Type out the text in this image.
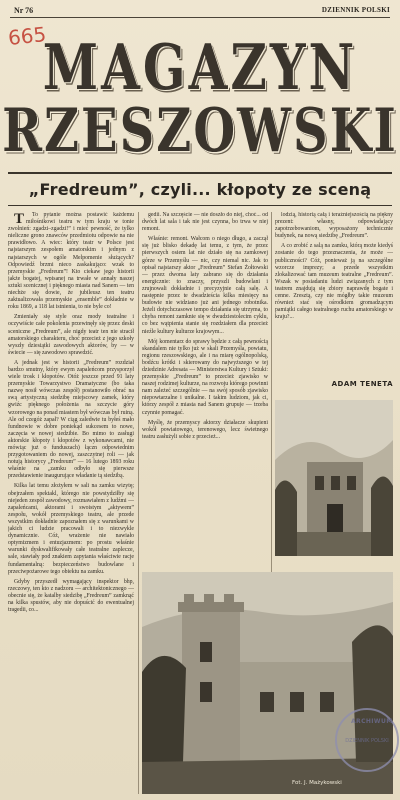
Nr 76	DZIENNIK POLSKI
665
MAGAZYN
RZESZOWSKI
„Fredreum”, czyli... kłopoty ze sceną

T To pytanie można postawić każdemu miłośnikowi teatru w tym kraju w tonie zwolnień: zgadzi–zgadzi!” i mieć pewność, że tylko nieliczne grono znawców przedmiotu odpowie na nie prawidłowo. A wiec: który teatr w Polsce jest najstarszym zespołem amatorskim i jednym z najstarszych w ogóle Melpomenie służących? Odpowiedź brzmi nieco zaskakująco: wzak to przemyskie „Fredreum”! Kto ciekaw jego historii jakże bogatej, wpisanej na trwałe w annały naszej sztuki scenicznej i pięknego miasta nad Sanem — ten niechże się dowie, że jubileusz ten teatru zaktualizowała przemyskie „ensemble” dokładnie w roku 1869, a 118 lat istnienia, to nie byle co!

Zmieniały się style oraz mody teatralne i oczywiście całe pokolenia przewinęły się przez deski sceniczne „Fredreum”, ale nigdy teatr ten nie stracił amatorskiego charakteru, choć przecież z jego szkoły wyszły dziesiątki zawodowych aktorów, by — w świecie — się zawodowo sprawdzić.

A jednak jest w historii „Fredreum” rozdział bardzo smutny, który ewym zapaleńcom przysporzył wiele trosk i kłopotów. Otóż jeszcze przed 91 laty przemyskie Towarzystwo Dramatyczne (bo taka nazwę nosił wówczas zespół) postanowiło obrać na swą artystyczną siedzibę miejscowy zamek, który gwiźc pięknego położenia na szczycie góry wzorowego na ponad miastem był wówczas był ruiną. Ale od czegóż zapał? W ciąg zaledwie tu byłeś mało fundnowie w dobre poniekąd sukcesem to nowe, zaczęcia w nowej siedzibie. Bo mimo to zasługi aktorskie kłopoty i kłopotów z wykonawcami, nie mówiąc już o funduszach) łączn odpowiednim przygotowaniem do nowej, zaszczytnej roli — jak notują historycy „Fredreum” — 16 lutego 1893 roku właśnie na „zamku odbyło się pierwsze przedstawienie inaugurujące władanie tą siedzibą.

Kilka lat temu złożyłem w sali na zamku wizytę; obejrzałem spektakl, którego nie powstydziłby się niejeden zespół zawodowy, rozmawiałem z ludźmi — zapaleńcami, aktorami i swoistym „aktywem” zespołu, wokół przemyskiego teatru, ale przede wszystkim dokładnie zapoznałem się z warunkami w jakich ci ludzie pracowali i to niezwykle dynamicznie. Cóż, wrażenie nie nawiało optymizmem i entuzjazmem: po prostu właśnie warunki dyskwalifikowały całe teatralne zaplecze, sale, stawiały pod znakiem zapytania właściwie racje fundamentalną: bezpieczeństwo budowlane i przeciwpożarowe tego obiektu na zamku.

Gdyby przyszedł wymagający inspektor bhp, rzeczowy, ten kto z nadzoru — architektonicznego — obecnie się, że katalby siedzibę „Fredreum” zamknąć na kilka spustów, aby nie dopuścić do ewentualnej tragedii, co...

gedii. Na szczęście — nie doszło do niej, choć... od dwóch lat sala i tak nie jest czynna, bo trwa w niej remont.

Właśnie: remont. Wałcom o niego długo, a zaczął się już blisko dekadę lat temu, z tym, że przez pierwszych osiem lat nie działo się na zamkowej górze w Przemyślu — nic, czy niemal nic. Jak to opisał najstarszy aktor „Fredreum” Stefan Żołtowski — przez dwoma laty zabrano się do działania energicznie: to znaczy, przyszli budowlani i zrujnowali dokładnie i precyzyjnie całą salę. A następnie przez te dwadzieścia kilka miesięcy na budowie nie widziano już ani jednego robotnika. Jeżeli dotychczasowe tempo działania się utrzyma, to chyba remont zamknie się w dwudziestolecim cyklu, co bez wątpienia stanie się rozdziałem dla przecież nieźle kultury kulturze krajowym...

Mój komentarz do sprawy będzie z całą pewnością skandalem nie tylko już w skali Przemyśla, powiatu, regionu rzeszowskiego, ale i na miarę ogólnopolską, bodźcu krótki i skierowany do najwyższego w tej dziedzinie Adresata — Ministerstwa Kultury i Sztuki: przemyskie „Fredreum” to przecież zjawisko w naszej rodzimej kulturze, na rozwoju którego powinni nam zależeć szczególnie — na swój sposób zjawisko niepowtarzalne i unikalne. I takim ludziom, jak ci, którzy zespół z miasta nad Sanem grupuje — trzeba czynnie pomagać.

Myślę, że przemyscy aktorzy działacze skupieni wokół powiatowego, terenowego, lecz świetnego teatru zasłużyli sobie z przecież...

lodzią, historią całą i teraźniejszością na piękny prezent: własny, odpowiadający zapotrzebowaniom, wyposażony technicznie budynek, na nową siedzibę „Fredreum”.

A co zrobić z salą na zamku, którą może kiedyś zostanie do tego przeznaczenia, że może — publiczności? Cóż, ponieważ ją na szczególne wzorcze imprezy; a przede wszystkim zlokalizować tam muzeum teatralne „Fredreum”. Wszak w posiadaniu ludzi związanych z tym teatrem znajdują się zbiory naprawdę bogate i cenne. Zresztą, czy nie mógłby takie muzeum również stać się ośrodkiem gromadzącym pamiątki całego teatralnego ruchu amatorskiego w kraju?...

ADAM TENETA
Fot. J. Mażykowski
ARCHIWUM
DZIENNIK POLSKI
